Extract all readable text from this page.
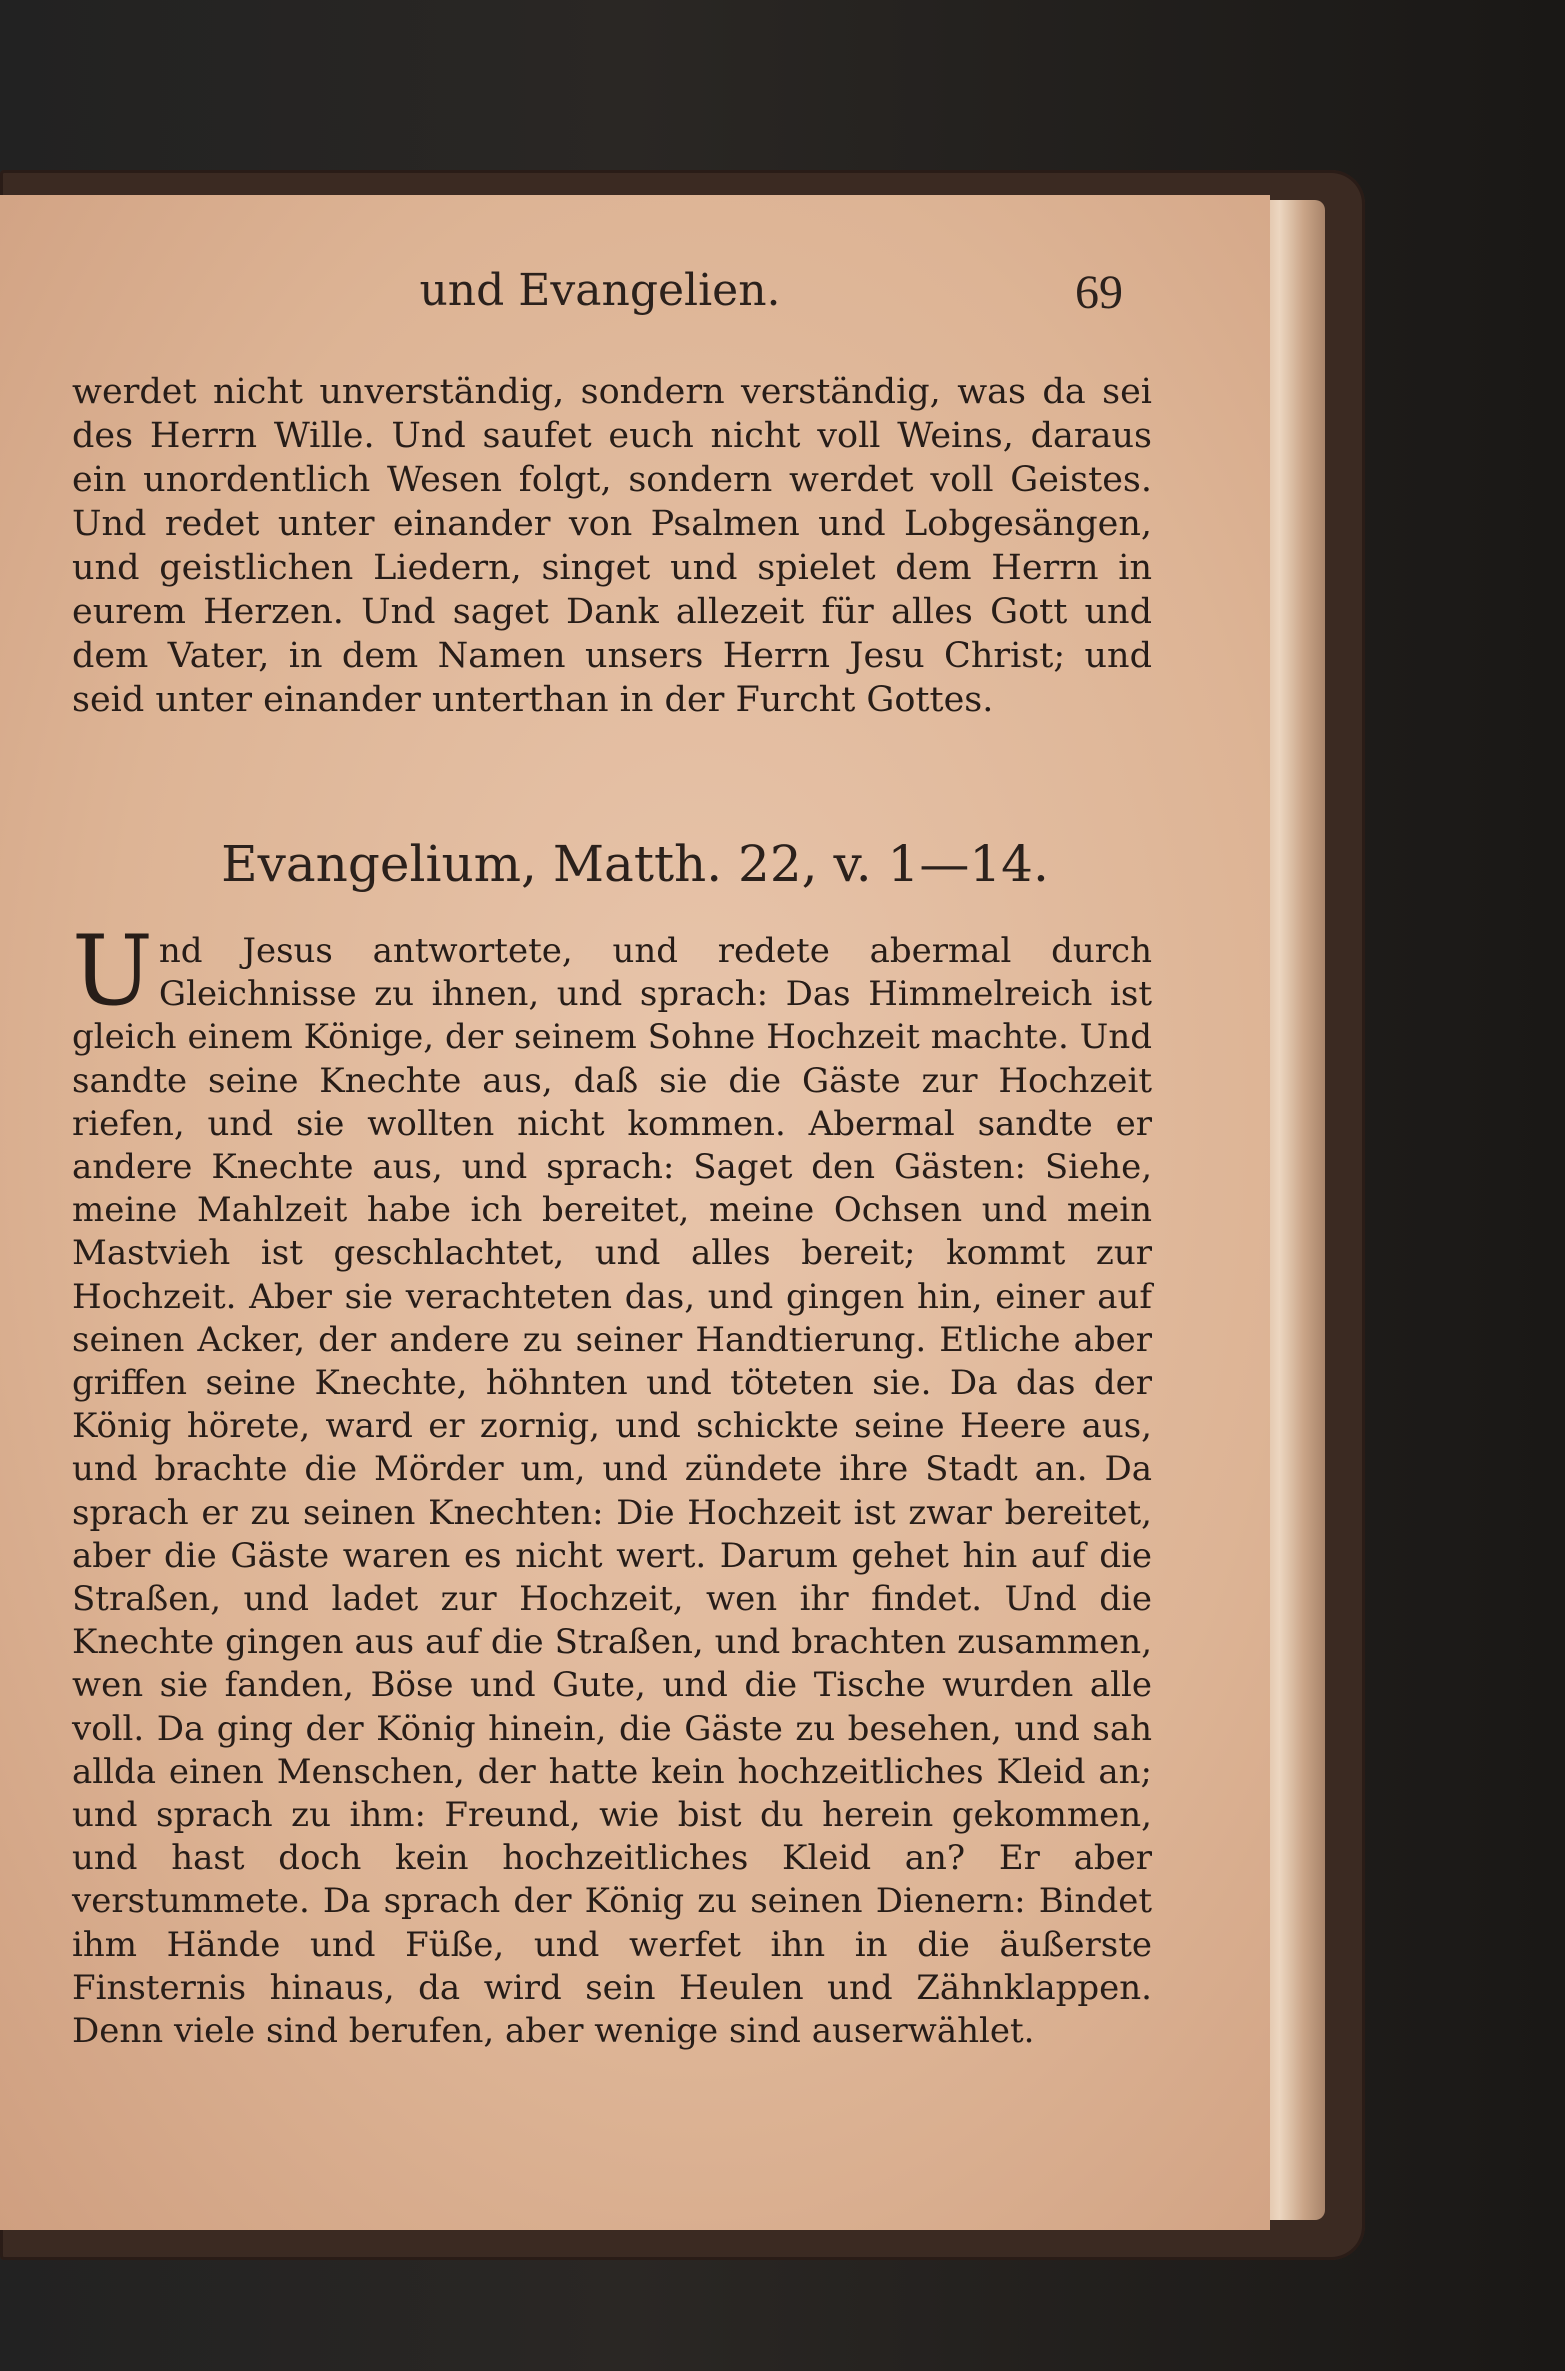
und Evangelien.	69
werdet nicht unverständig, sondern verständig, was da sei des Herrn Wille. Und saufet euch nicht voll Weins, daraus ein unordentlich Wesen folgt, sondern werdet voll Geistes. Und redet unter einander von Psalmen und Lobgesängen, und geistlichen Liedern, singet und spielet dem Herrn in eurem Herzen. Und saget Dank allezeit für alles Gott und dem Vater, in dem Namen unsers Herrn Jesu Christ; und seid unter einander unterthan in der Furcht Gottes.
Evangelium, Matth. 22, v. 1—14.
Und Jesus antwortete, und redete abermal durch Gleichnisse zu ihnen, und sprach: Das Himmelreich ist gleich einem Könige, der seinem Sohne Hochzeit machte. Und sandte seine Knechte aus, daß sie die Gäste zur Hochzeit riefen, und sie wollten nicht kommen. Abermal sandte er andere Knechte aus, und sprach: Saget den Gästen: Siehe, meine Mahlzeit habe ich bereitet, meine Ochsen und mein Mastvieh ist geschlachtet, und alles bereit; kommt zur Hochzeit. Aber sie verachteten das, und gingen hin, einer auf seinen Acker, der andere zu seiner Handtierung. Etliche aber griffen seine Knechte, höhnten und töteten sie. Da das der König hörete, ward er zornig, und schickte seine Heere aus, und brachte die Mörder um, und zündete ihre Stadt an. Da sprach er zu seinen Knechten: Die Hochzeit ist zwar bereitet, aber die Gäste waren es nicht wert. Darum gehet hin auf die Straßen, und ladet zur Hochzeit, wen ihr findet. Und die Knechte gingen aus auf die Straßen, und brachten zusammen, wen sie fanden, Böse und Gute, und die Tische wurden alle voll. Da ging der König hinein, die Gäste zu besehen, und sah allda einen Menschen, der hatte kein hochzeitliches Kleid an; und sprach zu ihm: Freund, wie bist du herein gekommen, und hast doch kein hochzeitliches Kleid an? Er aber verstummete. Da sprach der König zu seinen Dienern: Bindet ihm Hände und Füße, und werfet ihn in die äußerste Finsternis hinaus, da wird sein Heulen und Zähnklappen. Denn viele sind berufen, aber wenige sind auserwählet.
